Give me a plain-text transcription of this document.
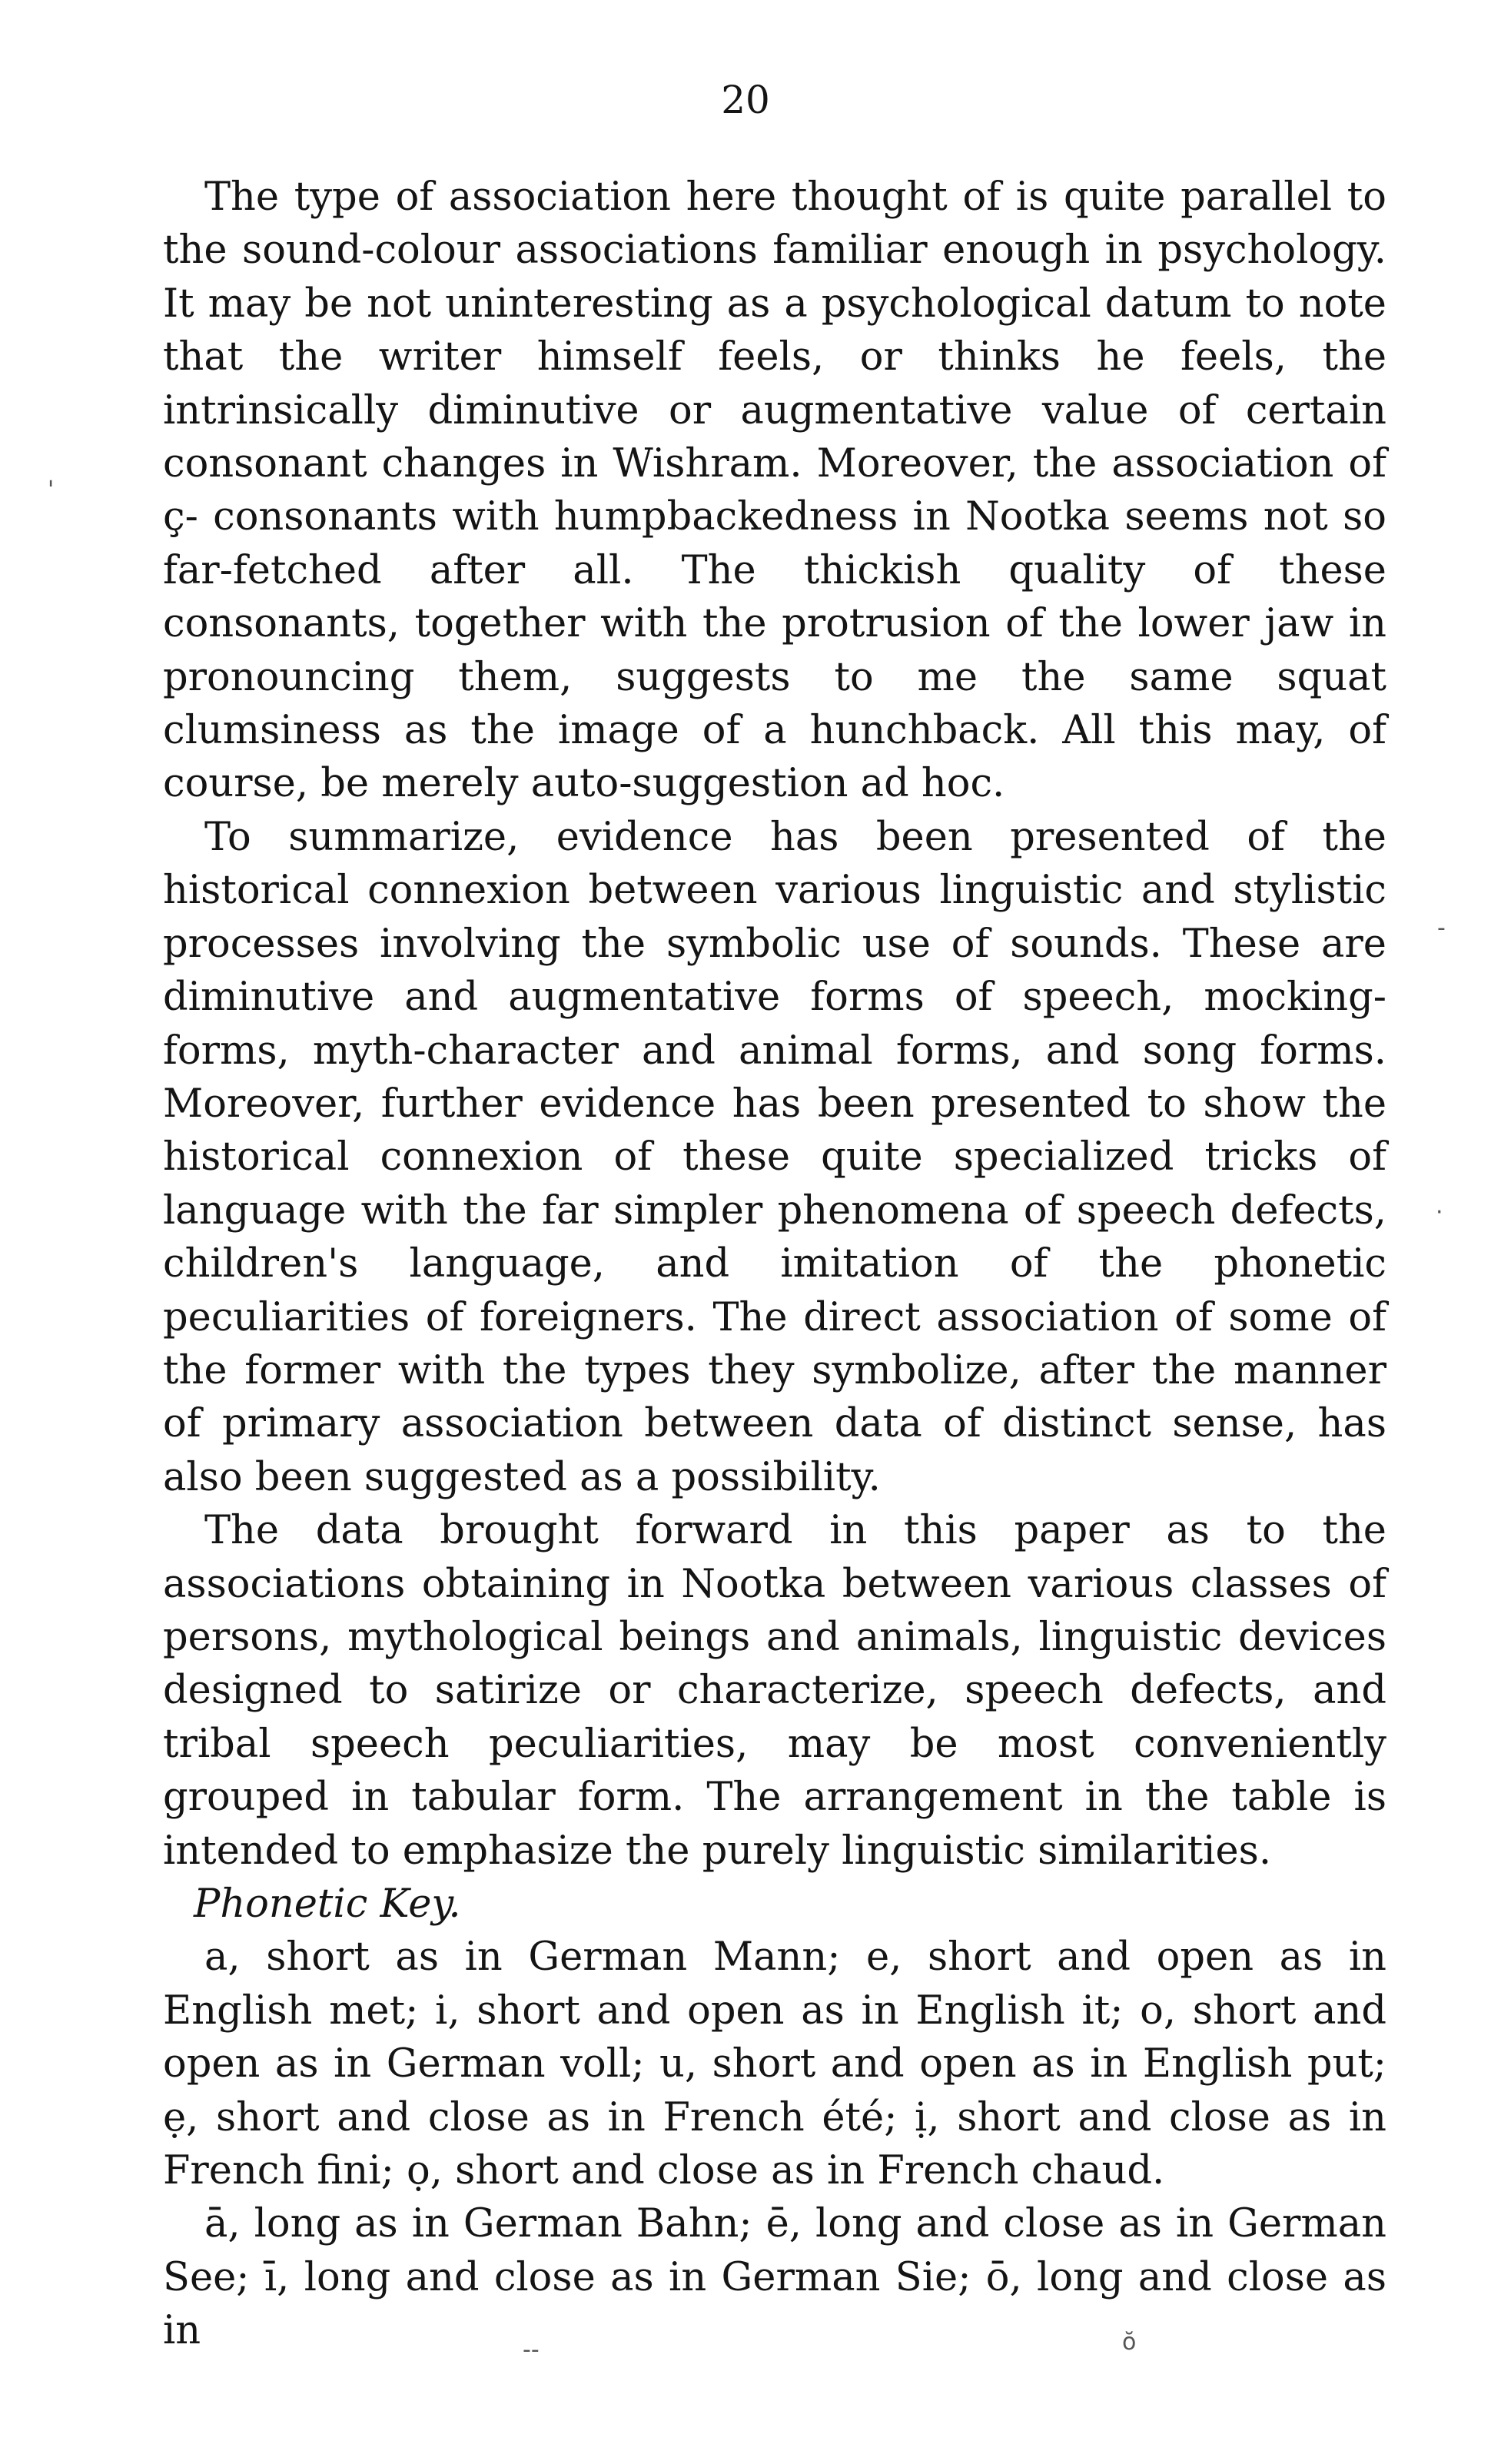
20

The type of association here thought of is quite parallel to the sound-colour associations familiar enough in psychology. It may be not uninteresting as a psychological datum to note that the writer himself feels, or thinks he feels, the intrinsically diminutive or augmentative value of certain consonant changes in Wishram. Moreover, the association of ç- consonants with humpbackedness in Nootka seems not so far-fetched after all. The thickish quality of these consonants, together with the protrusion of the lower jaw in pronouncing them, suggests to me the same squat clumsiness as the image of a hunchback. All this may, of course, be merely auto-suggestion ad hoc.

To summarize, evidence has been presented of the historical connexion between various linguistic and stylistic processes involving the symbolic use of sounds. These are diminutive and augmentative forms of speech, mocking-forms, myth-character and animal forms, and song forms. Moreover, further evidence has been presented to show the historical connexion of these quite specialized tricks of language with the far simpler phenomena of speech defects, children's language, and imitation of the phonetic peculiarities of foreigners. The direct association of some of the former with the types they symbolize, after the manner of primary association between data of distinct sense, has also been suggested as a possibility.

The data brought forward in this paper as to the associations obtaining in Nootka between various classes of persons, mythological beings and animals, linguistic devices designed to satirize or characterize, speech defects, and tribal speech peculiarities, may be most conveniently grouped in tabular form. The arrangement in the table is intended to emphasize the purely linguistic similarities.

Phonetic Key.

a, short as in German Mann; e, short and open as in English met; i, short and open as in English it; o, short and open as in German voll; u, short and open as in English put; ẹ, short and close as in French été; ị, short and close as in French fini; ọ, short and close as in French chaud.

ā, long as in German Bahn; ē, long and close as in German See; ī, long and close as in German Sie; ō, long and close as in

'
-
·
ŏ
--
